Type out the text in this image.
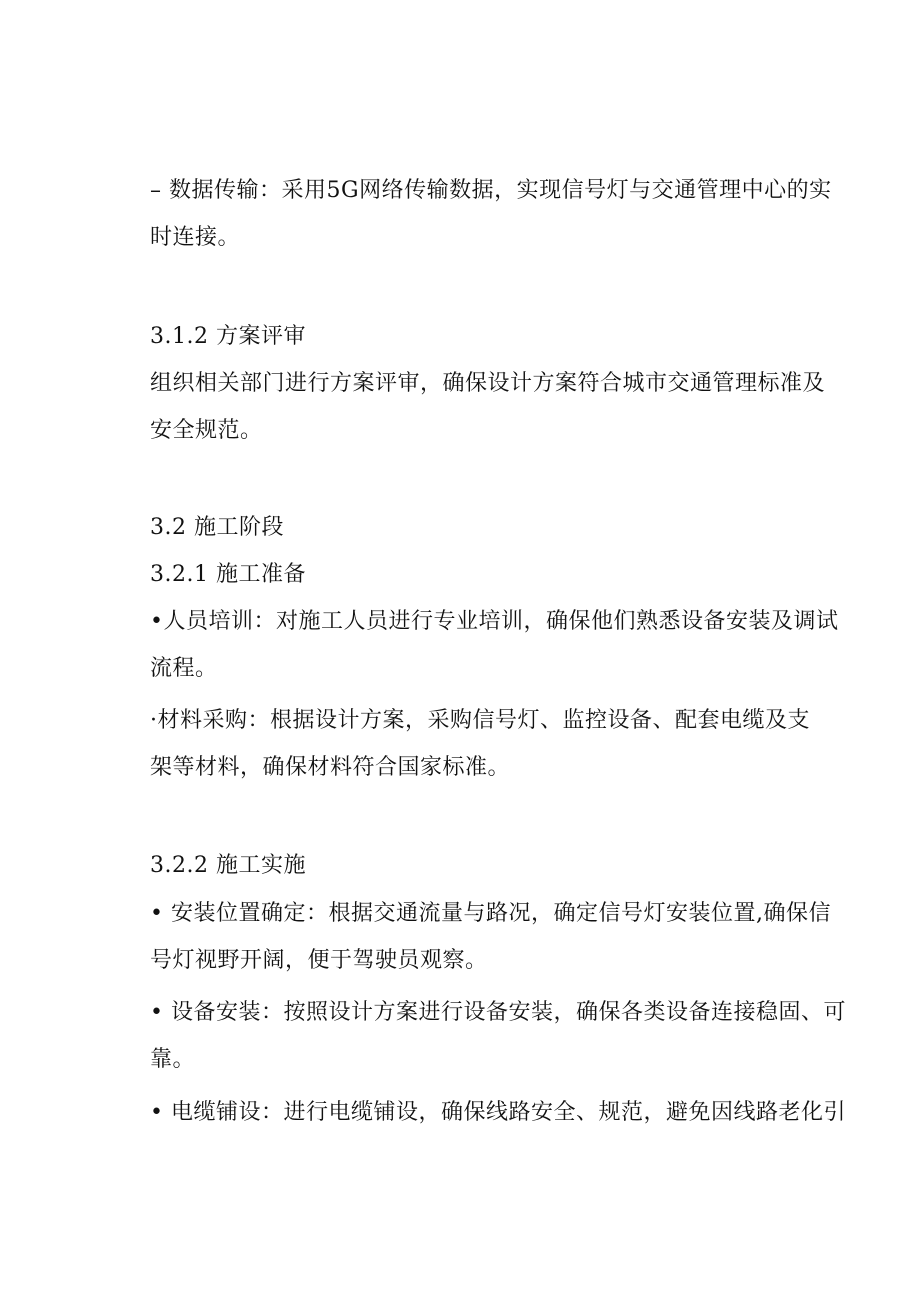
– 数据传输：采用5G网络传输数据，实现信号灯与交通管理中心的实
时连接。
3.1.2 方案评审
组织相关部门进行方案评审，确保设计方案符合城市交通管理标准及
安全规范。
3.2 施工阶段
3.2.1 施工准备
•人员培训：对施工人员进行专业培训，确保他们熟悉设备安装及调试
流程。
·材料采购：根据设计方案，采购信号灯、监控设备、配套电缆及支
架等材料，确保材料符合国家标准。
3.2.2 施工实施
• 安装位置确定：根据交通流量与路况，确定信号灯安装位置,确保信
号灯视野开阔，便于驾驶员观察。
• 设备安装：按照设计方案进行设备安装，确保各类设备连接稳固、可
靠。
• 电缆铺设：进行电缆铺设，确保线路安全、规范，避免因线路老化引
